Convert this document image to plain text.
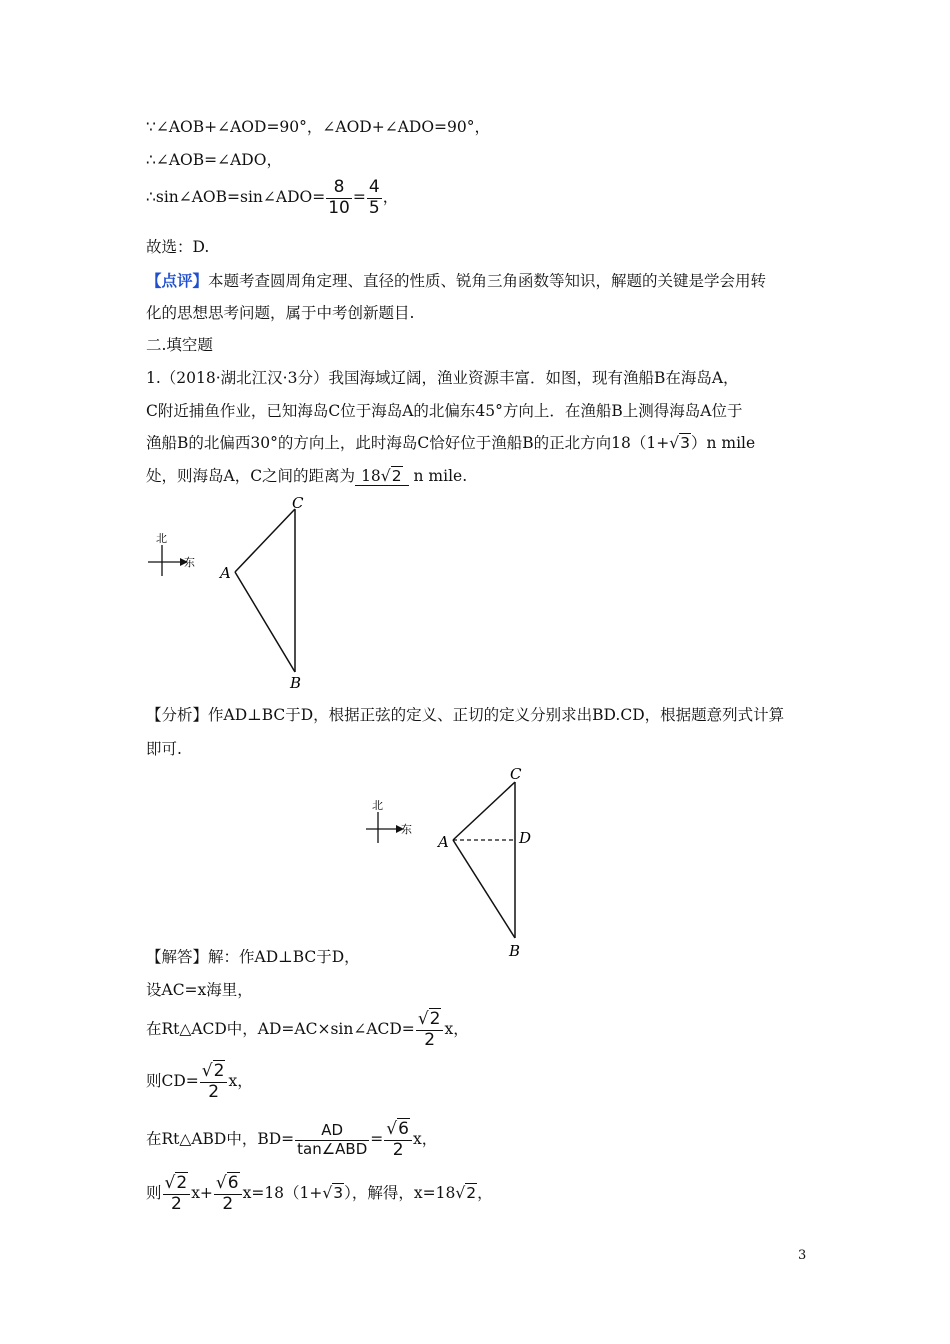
∵∠AOB+∠AOD=90°，∠AOD+∠ADO=90°，
∴∠AOB=∠ADO，
∴sin∠AOB=sin∠ADO= $\frac{8}{10} = \frac{4}{5}$ ，
故选：D.
【点评】本题考查圆周角定理、直径的性质、锐角三角函数等知识，解题的关键是学会用转
化的思想思考问题，属于中考创新题目.
二.填空题
1.（2018·湖北江汉·3分）我国海域辽阔，渔业资源丰富．如图，现有渔船B在海岛A，
C附近捕鱼作业，已知海岛C位于海岛A的北偏东45°方向上．在渔船B上测得海岛A位于
渔船B的北偏西30°的方向上，此时海岛C恰好位于渔船B的正北方向18（1+√3）n mile
处，则海岛A，C之间的距离为 18√2 n mile.
北
东
C
A
B
【分析】作AD⊥BC于D，根据正弦的定义、正切的定义分别求出BD.CD，根据题意列式计算
即可.
北
东
C
A	D
B
【解答】解：作AD⊥BC于D，
设AC=x海里，
在Rt△ACD中，AD=AC×sin∠ACD= $\frac{√2}{2}$ x，
则$CD= \frac{√2}{2}$ x，
在Rt△ABD中，$BD= \frac{AD}{\text{tan∠ABD}} = \frac{√6}{2}$ x，
则 $\frac{√2}{2} x+ \frac{√6}{2} x=18(1+√3)$，解得，x=18√2，
3
